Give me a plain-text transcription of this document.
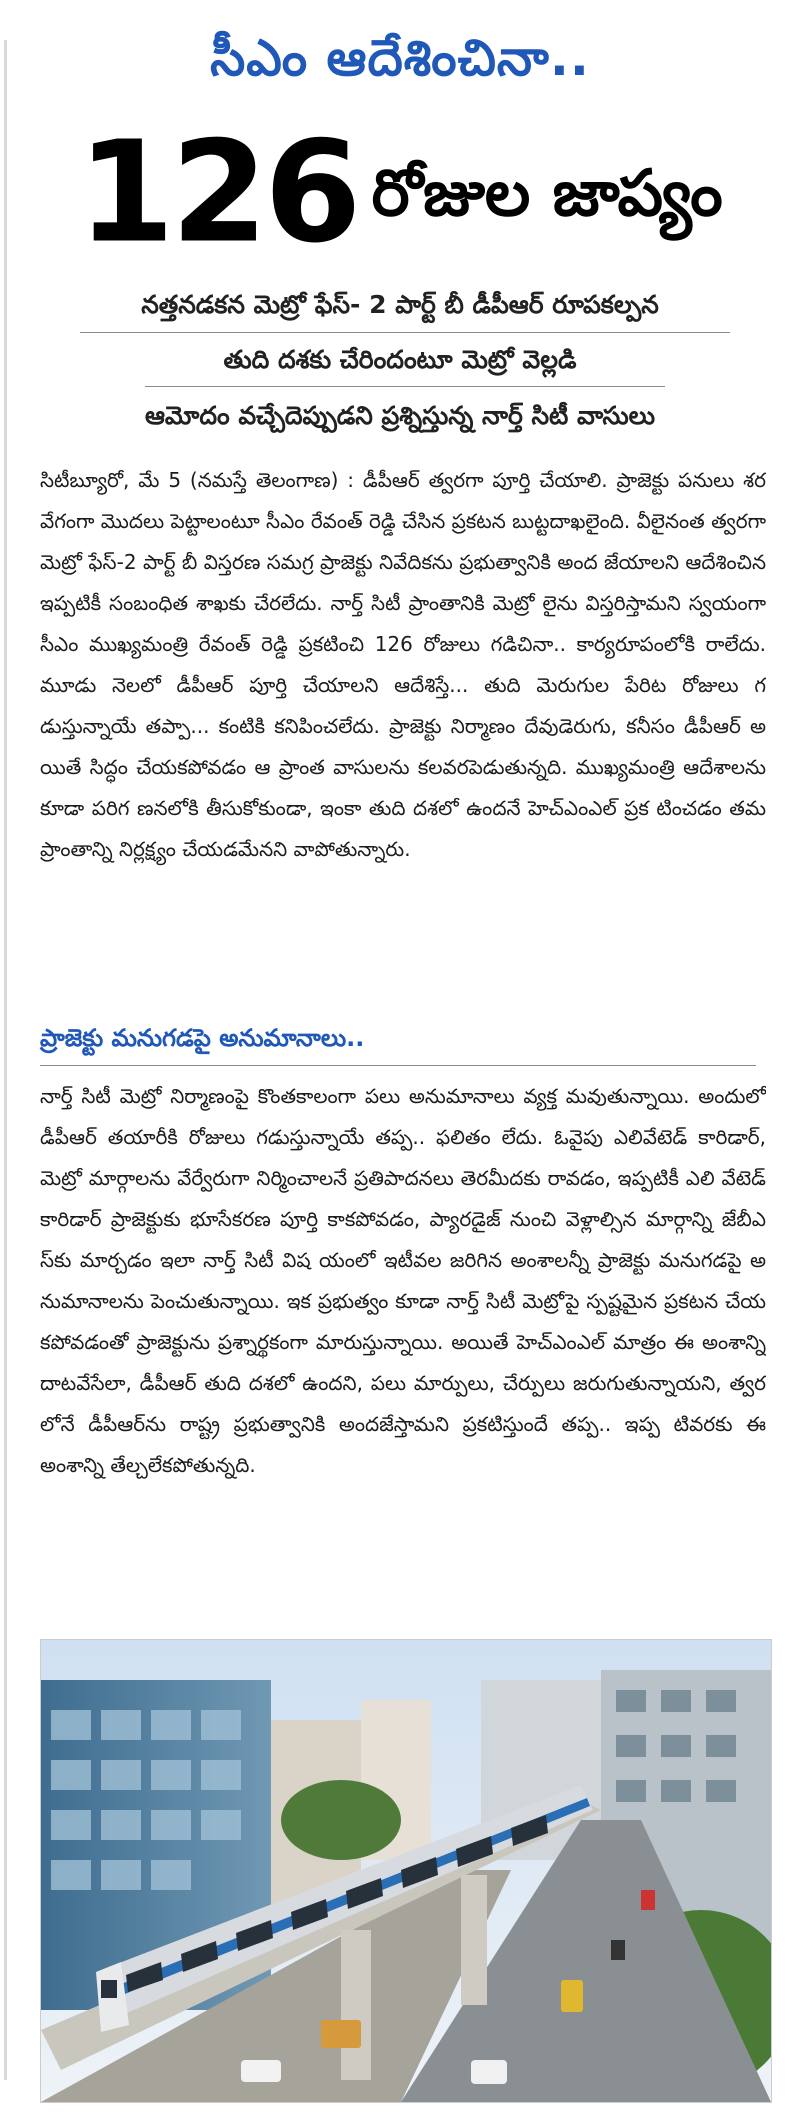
సీఎం ఆదేశించినా..
126 రోజుల జాప్యం
నత్తనడకన మెట్రో ఫేస్‌- 2 పార్ట్‌ బీ డీపీఆర్‌ రూపకల్పన
తుది దశకు చేరిందంటూ మెట్రో వెల్లడి
ఆమోదం వచ్చేదెప్పుడని ప్రశ్నిస్తున్న నార్త్‌ సిటీ వాసులు
సిటీబ్యూరో, మే 5 (నమస్తే తెలంగాణ) : డీపీఆర్‌ త్వరగా పూర్తి చేయాలి. ప్రాజెక్టు పనులు శరవేగంగా మొదలు పెట్టాలంటూ సీఎం రేవంత్‌ రెడ్డి చేసిన ప్రకటన బుట్టదాఖలైంది. వీలైనంత త్వరగా మెట్రో ఫేస్‌-2 పార్ట్‌ బీ విస్తరణ సమగ్ర ప్రాజెక్టు నివేదికను ప్రభుత్వానికి అంద జేయాలని ఆదేశించిన ఇప్పటికీ సంబంధిత శాఖకు చేరలేదు. నార్త్‌ సిటీ ప్రాంతానికి మెట్రో లైను విస్తరిస్తామని స్వయంగా సీఎం ముఖ్యమంత్రి రేవంత్‌ రెడ్డి ప్రకటించి 126 రోజులు గడిచినా.. కార్యరూపంలోకి రాలేదు. మూడు నెలలో డీపీఆర్‌ పూర్తి చేయాలని ఆదేశిస్తే... తుది మెరుగుల పేరిట రోజులు గడుస్తున్నాయే తప్పా... కంటికి కనిపించలేదు. ప్రాజెక్టు నిర్మాణం దేవుడెరుగు, కనీసం డీపీఆర్‌ అయితే సిద్ధం చేయకపోవడం ఆ ప్రాంత వాసులను కలవరపెడుతున్నది. ముఖ్యమంత్రి ఆదేశాలను కూడా పరిగ ణనలోకి తీసుకోకుండా, ఇంకా తుది దశలో ఉందనే హెచ్‌ఎంఎల్‌ ప్రక టించడం తమ ప్రాంతాన్ని నిర్లక్ష్యం చేయడమేనని వాపోతున్నారు.
ప్రాజెక్టు మనుగడపై అనుమానాలు..
నార్త్‌ సిటీ మెట్రో నిర్మాణంపై కొంతకాలంగా పలు అనుమానాలు వ్యక్త మవుతున్నాయి. అందులో డీపీఆర్‌ తయారీకి రోజులు గడుస్తున్నాయే తప్ప.. ఫలితం లేదు. ఓవైపు ఎలివేటెడ్‌ కారిడార్‌, మెట్రో మార్గాలను వేర్వేరుగా నిర్మించాలనే ప్రతిపాదనలు తెరమీదకు రావడం, ఇప్పటికీ ఎలి వేటెడ్‌ కారిడార్‌ ప్రాజెక్టుకు భూసేకరణ పూర్తి కాకపోవడం, ప్యారడైజ్‌ నుంచి వెళ్లాల్సిన మార్గాన్ని జేబీఎస్‌కు మార్చడం ఇలా నార్త్‌ సిటీ విష యంలో ఇటీవల జరిగిన అంశాలన్నీ ప్రాజెక్టు మనుగడపై అనుమానాలను పెంచుతున్నాయి. ఇక ప్రభుత్వం కూడా నార్త్‌ సిటీ మెట్రోపై స్పష్టమైన ప్రకటన చేయకపోవడంతో ప్రాజెక్టును ప్రశ్నార్థకంగా మారుస్తున్నాయి. అయితే హెచ్‌ఎంఎల్‌ మాత్రం ఈ అంశాన్ని దాటవేసేలా, డీపీఆర్‌ తుది దశలో ఉందని, పలు మార్పులు, చేర్పులు జరుగుతున్నాయని, త్వరలోనే డీపీఆర్‌ను రాష్ట్ర ప్రభుత్వానికి అందజేస్తామని ప్రకటిస్తుందే తప్ప.. ఇప్ప టివరకు ఈ అంశాన్ని తేల్చలేకపోతున్నది.
